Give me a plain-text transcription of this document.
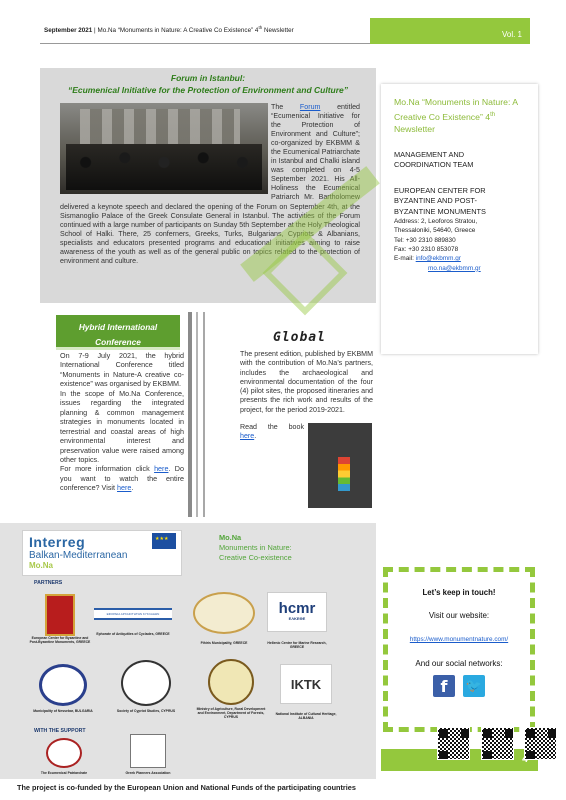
September 2021 | Mo.Na “Monuments in Nature: A Creative Co Existence” 4th Newsletter	Vol. 1
Forum in Istanbul:
“Ecumenical Initiative for the Protection of Environment and Culture”
The Forum entitled “Ecumenical Initiative for the Protection of Environment and Culture”; co-organized by EKBMM & the Ecumenical Patriarchate in Istanbul and Chalki island was completed on 4-5 September 2021. His All-Holiness the Ecumenical Patriarch Mr. Bartholomew delivered a keynote speech and declared the opening of the Forum on September 4th, at the Sismanoglio Palace of the Greek Consulate General in Istanbul. The activities of the Forum continued with a large number of participants on Sunday 5th September at the Holy Theological School of Halki. There, 25 conferners, Greeks, Turks, Bulgarians, Cypriots & Albanians, specialists and educators presented programs and educational initiatives aiming to raise awareness of the youth as well as of the general public on topics related to the protection of environment and culture.
Mo.Na “Monuments in Nature: A Creative Co Existence” 4th Newsletter
MANAGEMENT AND
COORDINATION TEAM
EUROPEAN CENTER FOR
BYZANTINE AND POST-
BYZANTINE MONUMENTS
Address: 2, Leoforos Stratou,
Thessaloniki, 54640, Greece
Tel: +30 2310 889830
Fax: +30 2310 853078
E-mail: info@ekbmm.gr
mo.na@ekbmm.gr
Hybrid International
Conference
On 7-9 July 2021, the hybrid International Conference titled “Monuments in Nature-A creative co-existence” was organised by EKBMM.
In the scope of Mo.Na Conference, issues regarding the integrated planning & common management strategies in monuments located in terrestrial and coastal areas of high environmental interest and preservation value were raised among other topics.
For more information click here. Do you want to watch the entire conference? Visit here.
Global
The present edition, published by EKBMM with the contribution of Mo.Na’s partners, includes the archaeological and environmental documentation of the four (4) pilot sites, the proposed itineraries and presents the rich work and results of the project, for the period 2019-2021.
Read the book here.
Interreg
Balkan-Mediterranean
Mo.Na
★★★
Mo.Na
Monuments in Nature:
Creative Co-existence
PARTNERS
European Center for Byzantine and Post-Byzantine Monuments, GREECE
ΕΦΟΡΕΙΑ ΑΡΧΑΙΟΤΗΤΩΝ ΚΥΚΛΑΔΩΝ
Ephorate of Antiquities of Cyclades, GREECE
Fthiris Municipality, GREECE
hcmr
ΕΛΚΕΘΕ
Hellenic Centre for Marine Research, GREECE
Municipality of Nessebar, BULGARIA	Society of Cypriot Studies, CYPRUS	Ministry of Agriculture, Rural Development and Environment, Department of Forests, CYPRUS
IKTK
National Institute of Cultural Heritage, ALBANIA
WITH THE SUPPORT
The Ecumenical Patriarchate	Greek Planners Association
The project is co-funded by the European Union and National Funds of the participating countries
Let’s keep in touch!
Visit our website:
https://www.monumentnature.com/
And our social networks:
f	🐦
